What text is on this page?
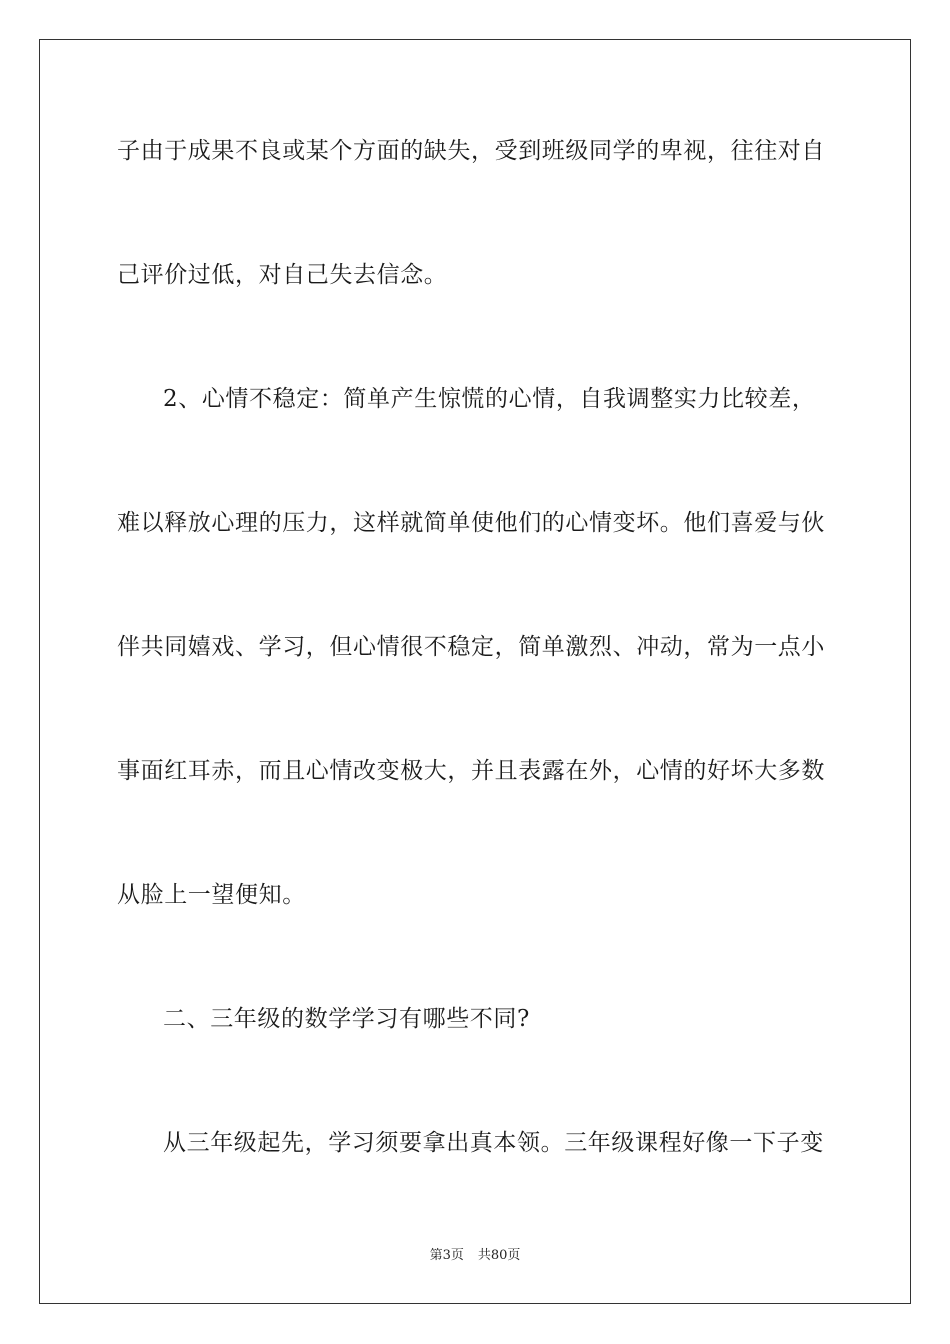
子由于成果不良或某个方面的缺失，受到班级同学的卑视，往往对自
己评价过低，对自己失去信念。
2、心情不稳定：简单产生惊慌的心情，自我调整实力比较差，
难以释放心理的压力，这样就简单使他们的心情变坏。他们喜爱与伙
伴共同嬉戏、学习，但心情很不稳定，简单激烈、冲动，常为一点小
事面红耳赤，而且心情改变极大，并且表露在外，心情的好坏大多数
从脸上一望便知。
二、三年级的数学学习有哪些不同?
从三年级起先，学习须要拿出真本领。三年级课程好像一下子变
第3页 共80页
